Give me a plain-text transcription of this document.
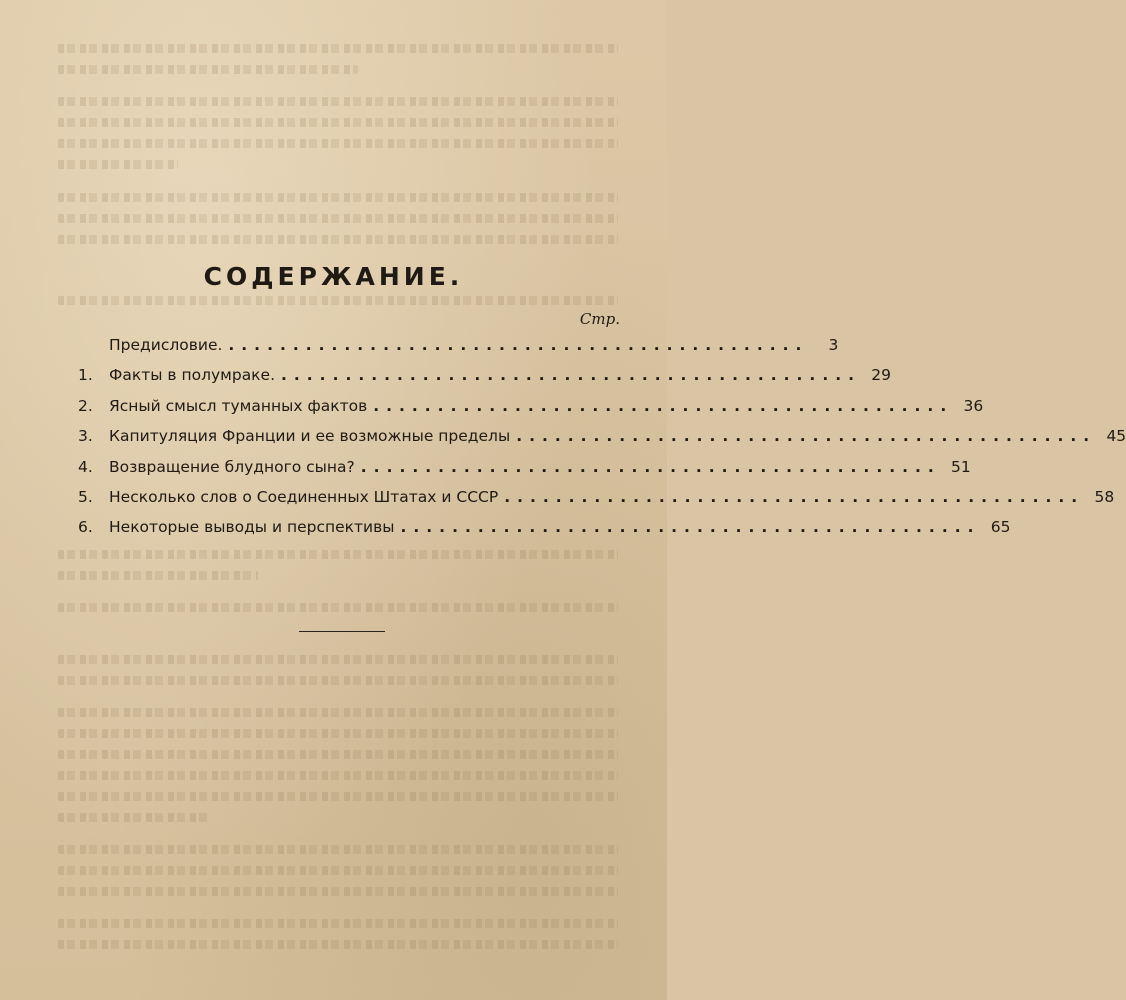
СОДЕРЖАНИЕ.
Стр.
Предисловие. .............................................	3
1.	Факты в полумраке. ............................................. 29
2.	Ясный смысл туманных фактов ............................................. 36
3.	Капитуляция Франции и ее возможные пределы ............................................. 45
4.	Возвращение блудного сына? ............................................. 51
5.	Несколько слов о Соединенных Штатах и СССР ............................................. 58
6.	Некоторые выводы и перспективы ............................................. 65
